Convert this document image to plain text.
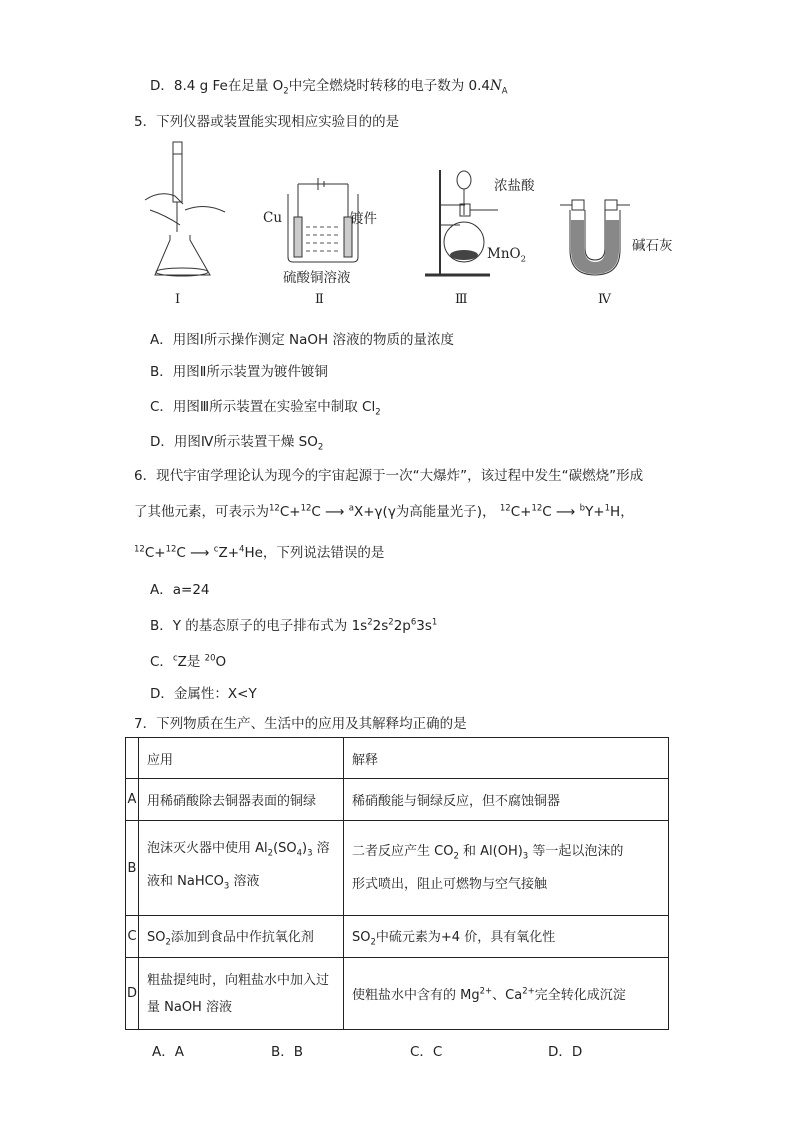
D．8.4 g Fe在足量 $O_2$中完全燃烧时转移的电子数为 $0.4N_A$
5．下列仪器或装置能实现相应实验目的的是
Cu	镀件
硫酸铜溶液
浓盐酸
MnO$_2$
碱石灰
Ⅰ	Ⅱ	Ⅲ	Ⅳ
A．用图Ⅰ所示操作测定 NaOH 溶液的物质的量浓度
B．用图Ⅱ所示装置为镀件镀铜
C．用图Ⅲ所示装置在实验室中制取 $Cl_2$
D．用图Ⅳ所示装置干燥 $SO_2$
6．现代宇宙学理论认为现今的宇宙起源于一次“大爆炸”，该过程中发生“碳燃烧”形成
了其他元素，可表示为$^{12}$C+$^{12}$C ⟶ $^a$X+γ(γ为高能量光子)， $^{12}$C+$^{12}$C ⟶ $^b$Y+$^1$H，
$^{12}$C+$^{12}$C ⟶ $^c$Z+$^4$He，下列说法错误的是
A．a=24
B．Y 的基态原子的电子排布式为 $1s^22s^22p^63s^1$
C．$^c$Z是 $^{20}$O
D．金属性：X<Y
7．下列物质在生产、生活中的应用及其解释均正确的是
	应用	解释
A	用稀硝酸除去铜器表面的铜绿	稀硝酸能与铜绿反应，但不腐蚀铜器
B	泡沫灭火器中使用 $Al_2(SO_4)_3$ 溶
液和 NaHCO$_3$ 溶液	二者反应产生 $CO_2$ 和 $Al(OH)_3$ 等一起以泡沫的
形式喷出，阻止可燃物与空气接触
C	$SO_2$添加到食品中作抗氧化剂	$SO_2$中硫元素为+4 价，具有氧化性
D	粗盐提纯时，向粗盐水中加入过
量 NaOH 溶液	使粗盐水中含有的 $Mg^{2+}$、$Ca^{2+}$完全转化成沉淀
A．A	B．B	C．C	D．D
